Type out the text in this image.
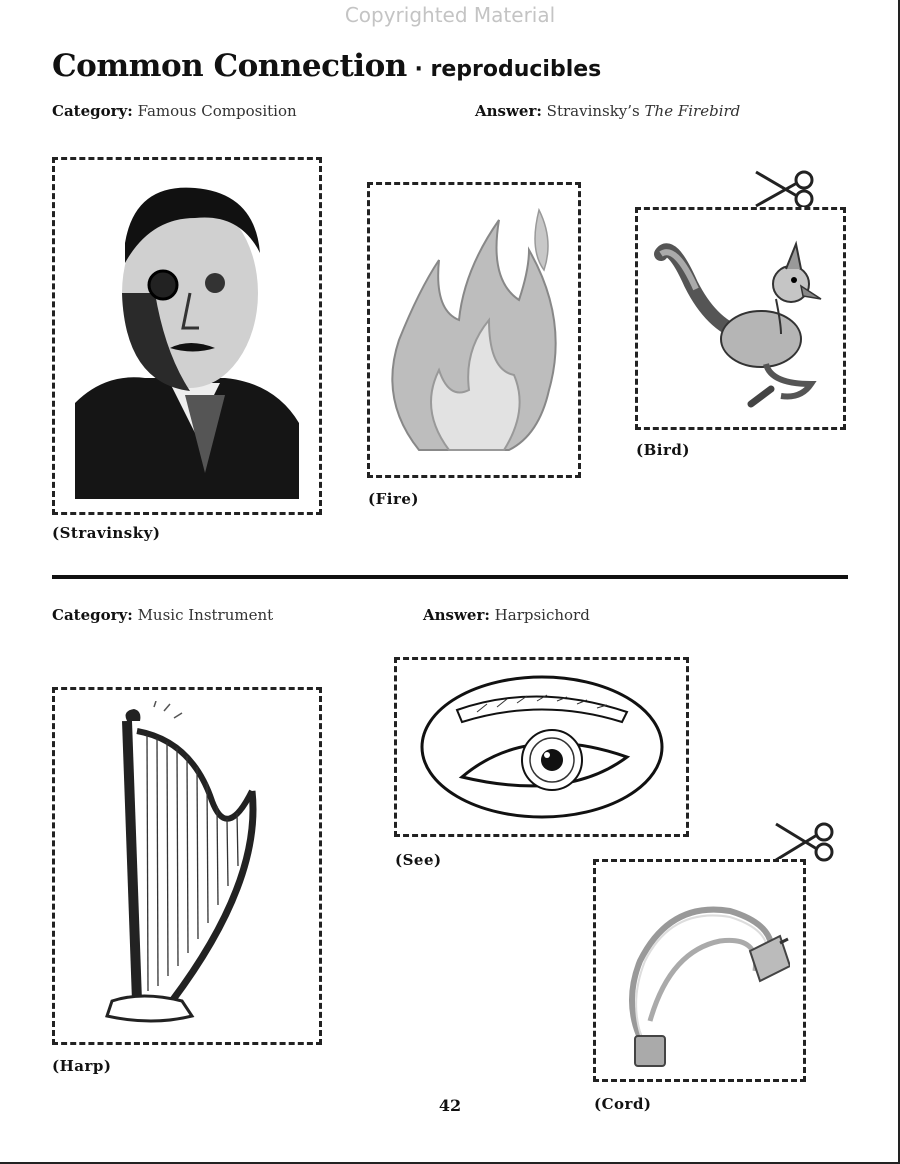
Copyrighted Material
Common Connection · reproducibles
Category: Famous Composition	Answer: Stravinsky’s The Firebird
(Stravinsky)
(Fire)
(Bird)
Category: Music Instrument	Answer: Harpsichord
(Harp)
(See)
(Cord)
42
